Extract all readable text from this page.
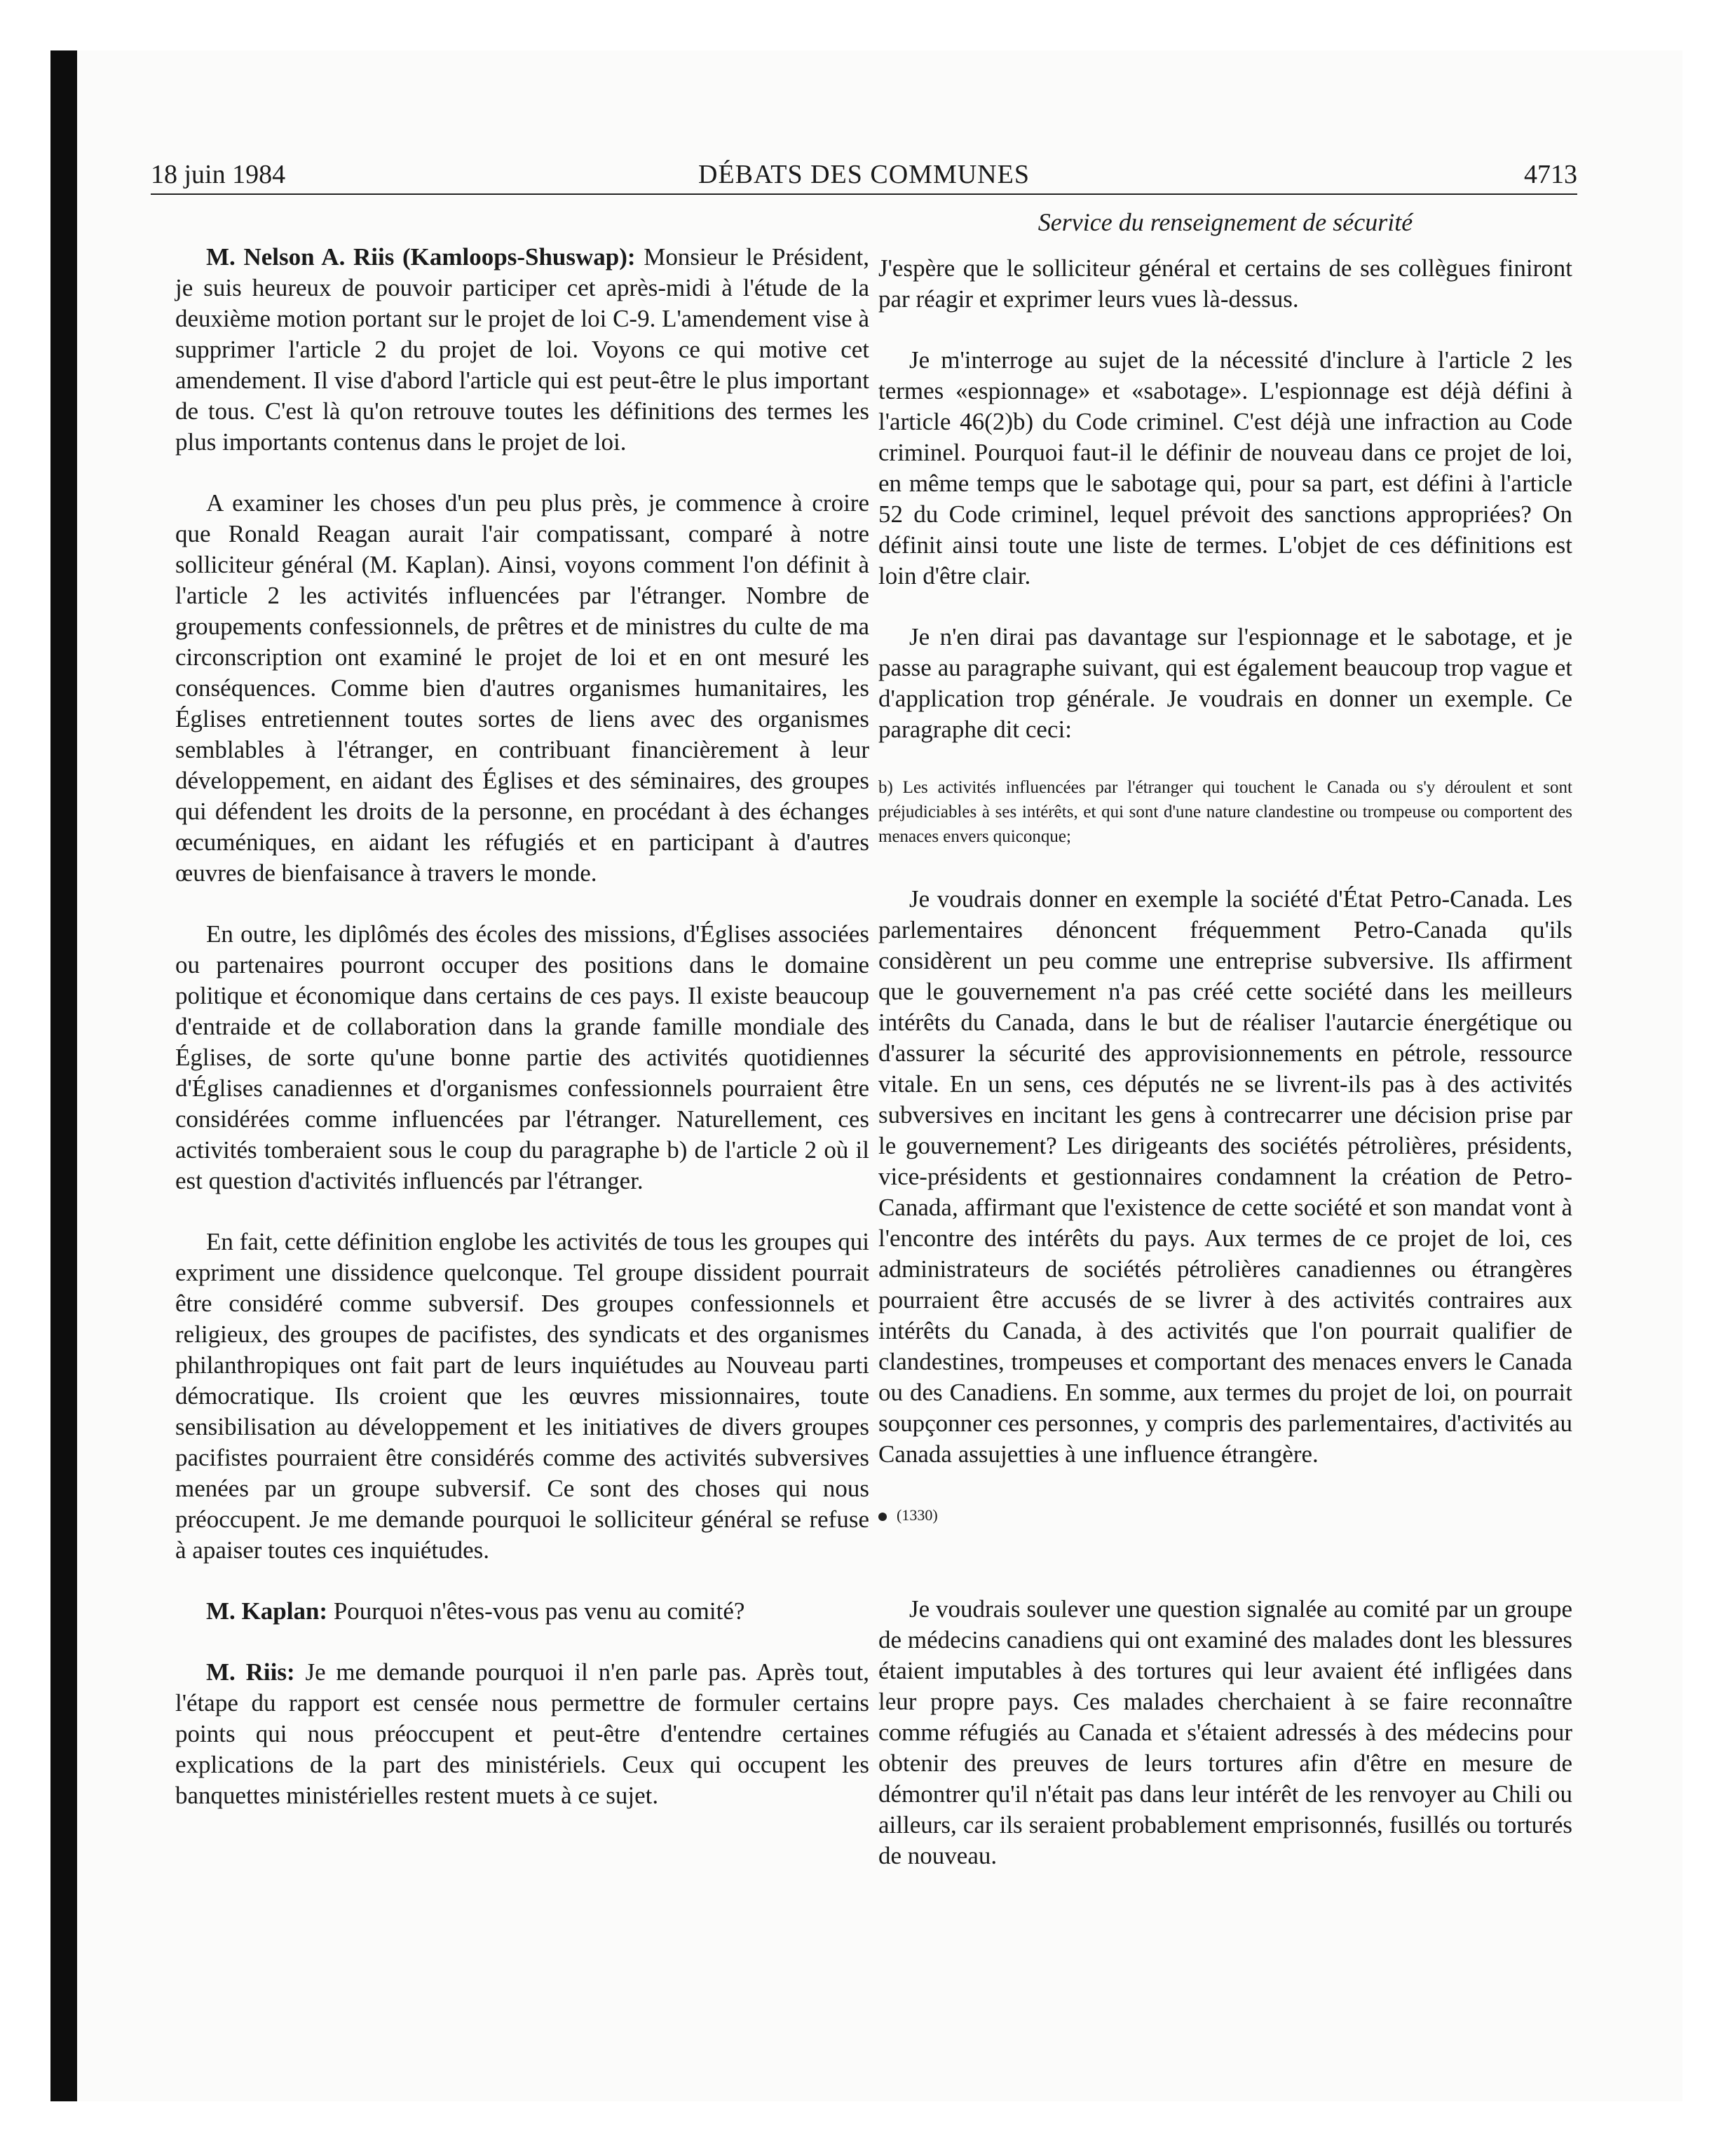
18 juin 1984	DÉBATS DES COMMUNES	4713

M. Nelson A. Riis (Kamloops-Shuswap): Monsieur le Président, je suis heureux de pouvoir participer cet après-midi à l'étude de la deuxième motion portant sur le projet de loi C-9. L'amendement vise à supprimer l'article 2 du projet de loi. Voyons ce qui motive cet amendement. Il vise d'abord l'article qui est peut-être le plus important de tous. C'est là qu'on retrouve toutes les définitions des termes les plus importants contenus dans le projet de loi.

A examiner les choses d'un peu plus près, je commence à croire que Ronald Reagan aurait l'air compatissant, comparé à notre solliciteur général (M. Kaplan). Ainsi, voyons comment l'on définit à l'article 2 les activités influencées par l'étranger. Nombre de groupements confessionnels, de prêtres et de ministres du culte de ma circonscription ont examiné le projet de loi et en ont mesuré les conséquences. Comme bien d'autres organismes humanitaires, les Églises entretiennent toutes sortes de liens avec des organismes semblables à l'étranger, en contribuant financièrement à leur développement, en aidant des Églises et des séminaires, des groupes qui défendent les droits de la personne, en procédant à des échanges œcuméniques, en aidant les réfugiés et en participant à d'autres œuvres de bienfaisance à travers le monde.

En outre, les diplômés des écoles des missions, d'Églises associées ou partenaires pourront occuper des positions dans le domaine politique et économique dans certains de ces pays. Il existe beaucoup d'entraide et de collaboration dans la grande famille mondiale des Églises, de sorte qu'une bonne partie des activités quotidiennes d'Églises canadiennes et d'organismes confessionnels pourraient être considérées comme influencées par l'étranger. Naturellement, ces activités tomberaient sous le coup du paragraphe b) de l'article 2 où il est question d'activités influencés par l'étranger.

En fait, cette définition englobe les activités de tous les groupes qui expriment une dissidence quelconque. Tel groupe dissident pourrait être considéré comme subversif. Des groupes confessionnels et religieux, des groupes de pacifistes, des syndicats et des organismes philanthropiques ont fait part de leurs inquiétudes au Nouveau parti démocratique. Ils croient que les œuvres missionnaires, toute sensibilisation au développement et les initiatives de divers groupes pacifistes pourraient être considérés comme des activités subversives menées par un groupe subversif. Ce sont des choses qui nous préoccupent. Je me demande pourquoi le solliciteur général se refuse à apaiser toutes ces inquiétudes.

M. Kaplan: Pourquoi n'êtes-vous pas venu au comité?

M. Riis: Je me demande pourquoi il n'en parle pas. Après tout, l'étape du rapport est censée nous permettre de formuler certains points qui nous préoccupent et peut-être d'entendre certaines explications de la part des ministériels. Ceux qui occupent les banquettes ministérielles restent muets à ce sujet.

Service du renseignement de sécurité

J'espère que le solliciteur général et certains de ses collègues finiront par réagir et exprimer leurs vues là-dessus.

Je m'interroge au sujet de la nécessité d'inclure à l'article 2 les termes «espionnage» et «sabotage». L'espionnage est déjà défini à l'article 46(2)b) du Code criminel. C'est déjà une infraction au Code criminel. Pourquoi faut-il le définir de nouveau dans ce projet de loi, en même temps que le sabotage qui, pour sa part, est défini à l'article 52 du Code criminel, lequel prévoit des sanctions appropriées? On définit ainsi toute une liste de termes. L'objet de ces définitions est loin d'être clair.

Je n'en dirai pas davantage sur l'espionnage et le sabotage, et je passe au paragraphe suivant, qui est également beaucoup trop vague et d'application trop générale. Je voudrais en donner un exemple. Ce paragraphe dit ceci:

b) Les activités influencées par l'étranger qui touchent le Canada ou s'y déroulent et sont préjudiciables à ses intérêts, et qui sont d'une nature clandestine ou trompeuse ou comportent des menaces envers quiconque;

Je voudrais donner en exemple la société d'État Petro-Canada. Les parlementaires dénoncent fréquemment Petro-Canada qu'ils considèrent un peu comme une entreprise subversive. Ils affirment que le gouvernement n'a pas créé cette société dans les meilleurs intérêts du Canada, dans le but de réaliser l'autarcie énergétique ou d'assurer la sécurité des approvisionnements en pétrole, ressource vitale. En un sens, ces députés ne se livrent-ils pas à des activités subversives en incitant les gens à contrecarrer une décision prise par le gouvernement? Les dirigeants des sociétés pétrolières, présidents, vice-présidents et gestionnaires condamnent la création de Petro-Canada, affirmant que l'existence de cette société et son mandat vont à l'encontre des intérêts du pays. Aux termes de ce projet de loi, ces administrateurs de sociétés pétrolières canadiennes ou étrangères pourraient être accusés de se livrer à des activités contraires aux intérêts du Canada, à des activités que l'on pourrait qualifier de clandestines, trompeuses et comportant des menaces envers le Canada ou des Canadiens. En somme, aux termes du projet de loi, on pourrait soupçonner ces personnes, y compris des parlementaires, d'activités au Canada assujetties à une influence étrangère.

(1330)

Je voudrais soulever une question signalée au comité par un groupe de médecins canadiens qui ont examiné des malades dont les blessures étaient imputables à des tortures qui leur avaient été infligées dans leur propre pays. Ces malades cherchaient à se faire reconnaître comme réfugiés au Canada et s'étaient adressés à des médecins pour obtenir des preuves de leurs tortures afin d'être en mesure de démontrer qu'il n'était pas dans leur intérêt de les renvoyer au Chili ou ailleurs, car ils seraient probablement emprisonnés, fusillés ou torturés de nouveau.
